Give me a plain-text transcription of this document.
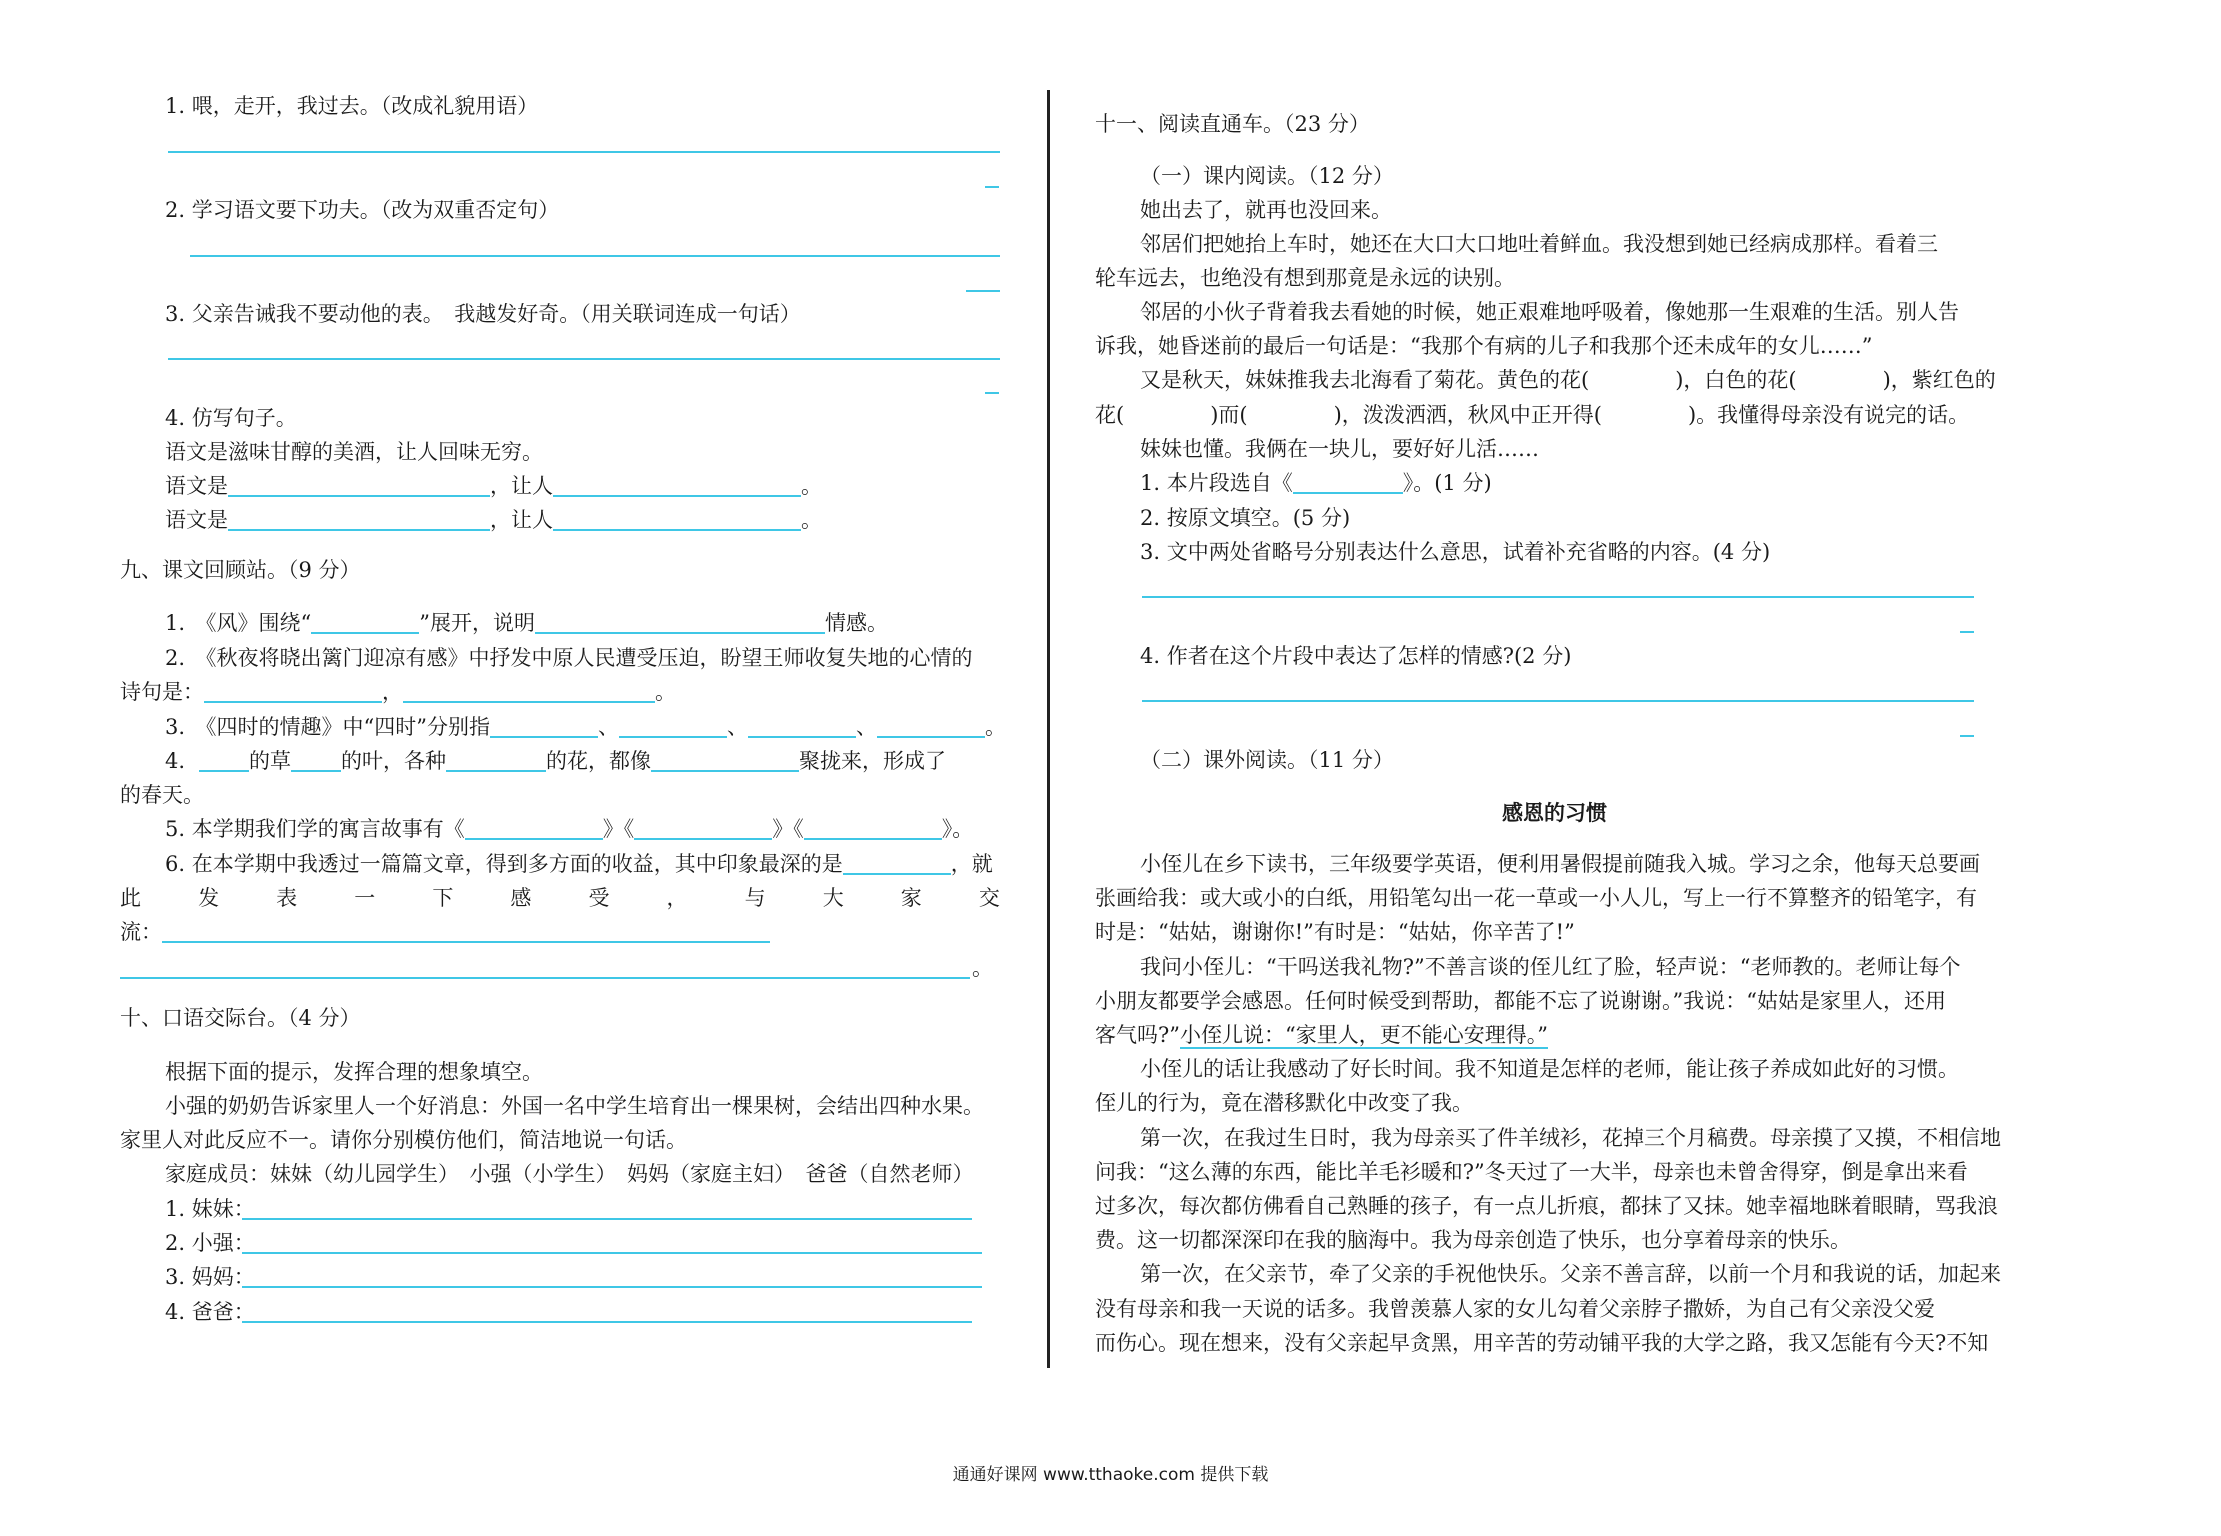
1. 喂，走开，我过去。（改成礼貌用语）
2. 学习语文要下功夫。（改为双重否定句）
3. 父亲告诫我不要动他的表。　我越发好奇。（用关联词连成一句话）
4. 仿写句子。
语文是滋味甘醇的美酒，让人回味无穷。
语文是	，让人	。
语文是	，让人	。
九、课文回顾站。（9 分）
1.　《风》围绕“	”展开，说明	情感。
2.　《秋夜将晓出篱门迎凉有感》中抒发中原人民遭受压迫，盼望王师收复失地的心情的
诗句是：	，	。
3.　《四时的情趣》中“四时”分别指	、	、	、	。
4.	的草 的叶，各种	的花，都像	聚拢来，形成了
的春天。
5. 本学期我们学的寓言故事有《	》《	》《	》。
6. 在本学期中我透过一篇篇文章，得到多方面的收益，其中印象最深的是	，就
此	发	表	一	下	感	受	，	与	大	家	交
流：
。
十、口语交际台。（4 分）
根据下面的提示，发挥合理的想象填空。
小强的奶奶告诉家里人一个好消息：外国一名中学生培育出一棵果树，会结出四种水果。
家里人对此反应不一。请你分别模仿他们，简洁地说一句话。
家庭成员：妹妹（幼儿园学生）　小强（小学生）　妈妈（家庭主妇）　爸爸（自然老师）
1. 妹妹：
2. 小强：
3. 妈妈：
4. 爸爸：
十一、阅读直通车。（23 分）
（一）课内阅读。（12 分）
她出去了，就再也没回来。
邻居们把她抬上车时，她还在大口大口地吐着鲜血。我没想到她已经病成那样。看着三
轮车远去，也绝没有想到那竟是永远的诀别。
邻居的小伙子背着我去看她的时候，她正艰难地呼吸着，像她那一生艰难的生活。别人告
诉我，她昏迷前的最后一句话是：“我那个有病的儿子和我那个还未成年的女儿……”
又是秋天，妹妹推我去北海看了菊花。黄色的花(	)，白色的花(	)，紫红色的
花(	)而(	)，泼泼洒洒，秋风中正开得(	)。我懂得母亲没有说完的话。
妹妹也懂。我俩在一块儿，要好好儿活……
1. 本片段选自《	》。(1 分)
2. 按原文填空。(5 分)
3. 文中两处省略号分别表达什么意思，试着补充省略的内容。(4 分)
4. 作者在这个片段中表达了怎样的情感?(2 分)
（二）课外阅读。（11 分）
感恩的习惯
小侄儿在乡下读书，三年级要学英语，便利用暑假提前随我入城。学习之余，他每天总要画
张画给我：或大或小的白纸，用铅笔勾出一花一草或一小人儿，写上一行不算整齐的铅笔字，有
时是：“姑姑，谢谢你!”有时是：“姑姑，你辛苦了!”
我问小侄儿：“干吗送我礼物?”不善言谈的侄儿红了脸，轻声说：“老师教的。老师让每个
小朋友都要学会感恩。任何时候受到帮助，都能不忘了说谢谢。”我说：“姑姑是家里人，还用
客气吗?”小侄儿说：“家里人，更不能心安理得。”
小侄儿的话让我感动了好长时间。我不知道是怎样的老师，能让孩子养成如此好的习惯。
侄儿的行为，竟在潜移默化中改变了我。
第一次，在我过生日时，我为母亲买了件羊绒衫，花掉三个月稿费。母亲摸了又摸，不相信地
问我：“这么薄的东西，能比羊毛衫暖和?”冬天过了一大半，母亲也未曾舍得穿，倒是拿出来看
过多次，每次都仿佛看自己熟睡的孩子，有一点儿折痕，都抹了又抹。她幸福地眯着眼睛，骂我浪
费。这一切都深深印在我的脑海中。我为母亲创造了快乐，也分享着母亲的快乐。
第一次，在父亲节，牵了父亲的手祝他快乐。父亲不善言辞，以前一个月和我说的话，加起来
没有母亲和我一天说的话多。我曾羡慕人家的女儿勾着父亲脖子撒娇，为自己有父亲没父爱
而伤心。现在想来，没有父亲起早贪黑，用辛苦的劳动铺平我的大学之路，我又怎能有今天?不知
通通好课网 www.tthaoke.com 提供下载
